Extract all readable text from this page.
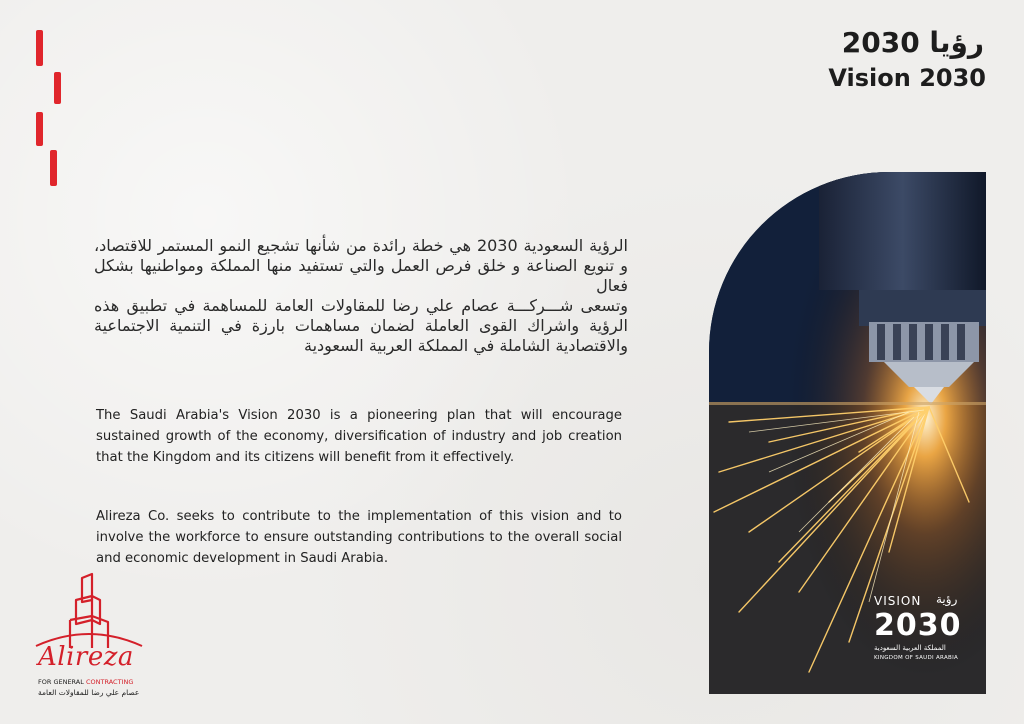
رؤيا 2030
Vision 2030

الرؤية السعودية 2030 هي خطة رائدة من شأنها تشجيع النمو المستمر للاقتصاد، و تنويع الصناعة و خلق فرص العمل والتي تستفيد منها المملكة ومواطنيها بشكل فعال

وتسعى شـــركـــة عصام علي رضا للمقاولات العامة للمساهمة في تطبيق هذه الرؤية واشراك القوى العاملة لضمان مساهمات بارزة في التنمية الاجتماعية والاقتصادية الشاملة في المملكة العربية السعودية

The Saudi Arabia's Vision 2030 is a pioneering plan that will encourage sustained growth of the economy, diversification of industry and job creation that the Kingdom and its citizens will benefit from it effectively.

Alireza Co. seeks to contribute to the implementation of this vision and to involve the workforce to ensure outstanding contributions to the overall social and economic development in Saudi Arabia.

VISION رؤية
2030
المملكة العربية السعودية
KINGDOM OF SAUDI ARABIA
Alireza
FOR GENERAL CONTRACTING
عصام علي رضا للمقاولات العامة
